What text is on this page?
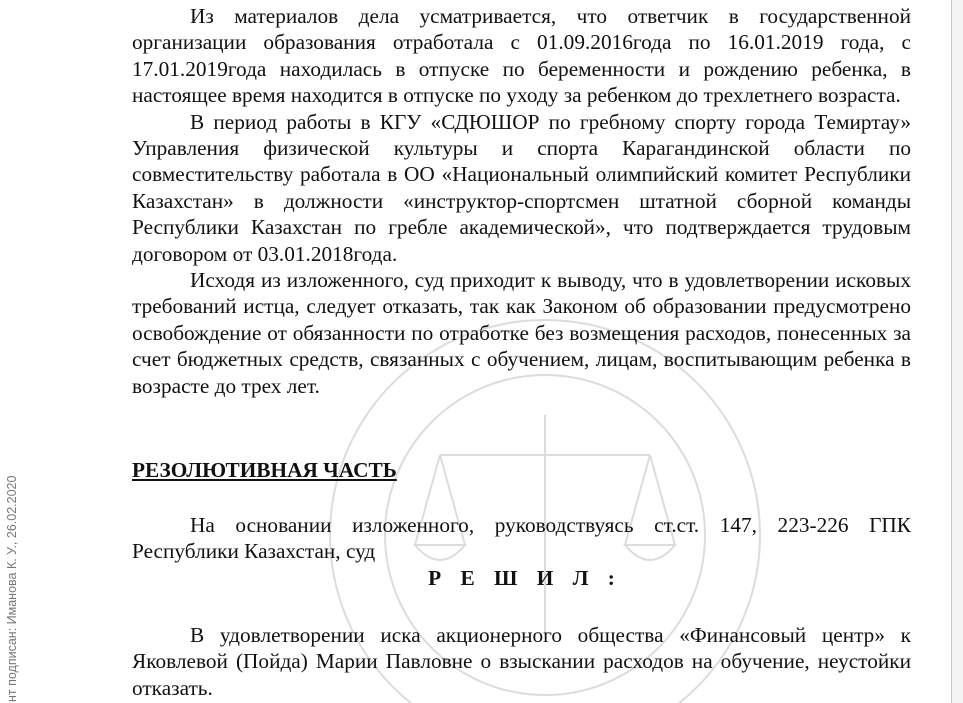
Из материалов дела усматривается, что ответчик в государственной организации образования отработала с 01.09.2016года по 16.01.2019 года, с 17.01.2019года находилась в отпуске по беременности и рождению ребенка, в настоящее время находится в отпуске по уходу за ребенком до трехлетнего возраста.

В период работы в КГУ «СДЮШОР по гребному спорту города Темиртау» Управления физической культуры и спорта Карагандинской области по совместительству работала в ОО «Национальный олимпийский комитет Республики Казахстан» в должности «инструктор-спортсмен штатной сборной команды Республики Казахстан по гребле академической», что подтверждается трудовым договором от 03.01.2018года.

Исходя из изложенного, суд приходит к выводу, что в удовлетворении исковых требований истца, следует отказать, так как Законом об образовании предусмотрено освобождение от обязанности по отработке без возмещения расходов, понесенных за счет бюджетных средств, связанных с обучением, лицам, воспитывающим ребенка в возрасте до трех лет.

РЕЗОЛЮТИВНАЯ ЧАСТЬ

На основании изложенного, руководствуясь ст.ст. 147, 223-226 ГПК Республики Казахстан, суд

Р Е Ш И Л :

В удовлетворении иска акционерного общества «Финансовый центр» к Яковлевой (Пойда) Марии Павловне о взыскании расходов на обучение, неустойки отказать.

нт подписан: Иманова К. У., 26.02.2020
